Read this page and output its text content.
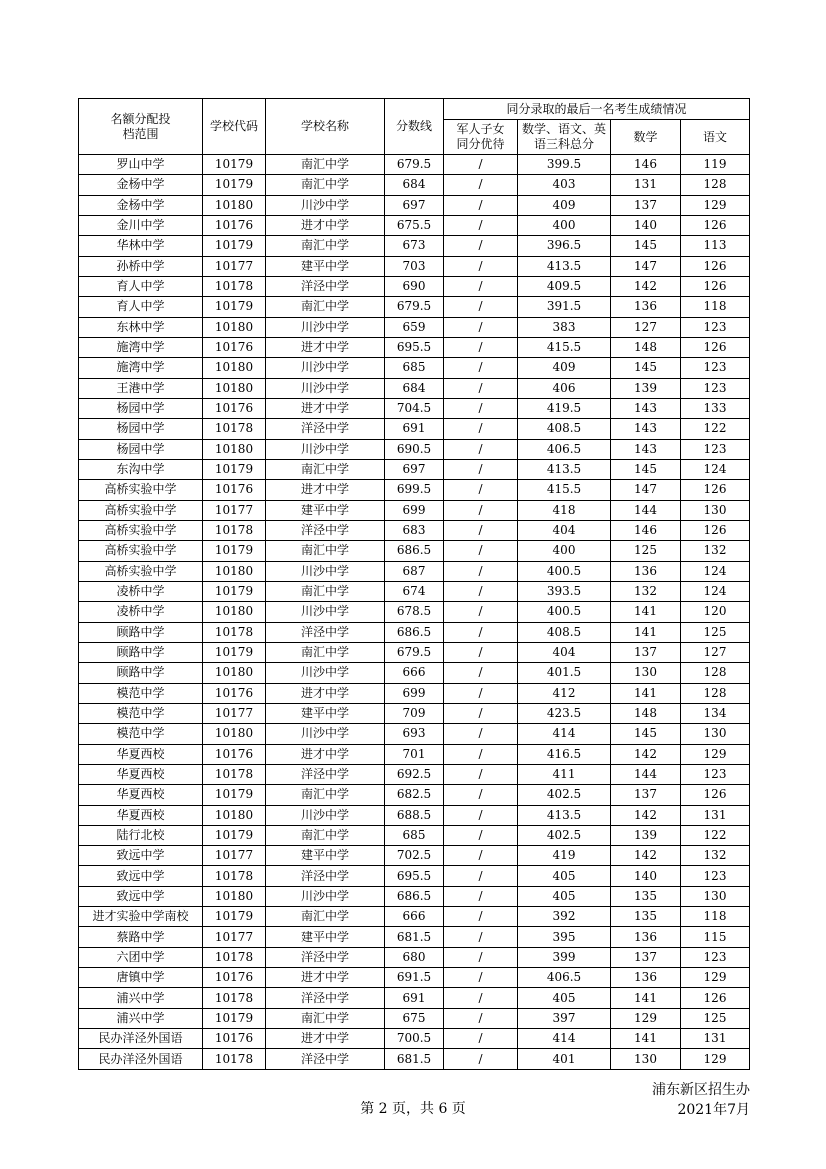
名额分配投档范围	学校代码	学校名称	分数线	同分录取的最后一名考生成绩情况			
				军人子女同分优待	数学、语文、英语三科总分	数学	语文
罗山中学	10179	南汇中学	679.5	/	399.5	146	119
金杨中学	10179	南汇中学	684	/	403	131	128
金杨中学	10180	川沙中学	697	/	409	137	129
金川中学	10176	进才中学	675.5	/	400	140	126
华林中学	10179	南汇中学	673	/	396.5	145	113
孙桥中学	10177	建平中学	703	/	413.5	147	126
育人中学	10178	洋泾中学	690	/	409.5	142	126
育人中学	10179	南汇中学	679.5	/	391.5	136	118
东林中学	10180	川沙中学	659	/	383	127	123
施湾中学	10176	进才中学	695.5	/	415.5	148	126
施湾中学	10180	川沙中学	685	/	409	145	123
王港中学	10180	川沙中学	684	/	406	139	123
杨园中学	10176	进才中学	704.5	/	419.5	143	133
杨园中学	10178	洋泾中学	691	/	408.5	143	122
杨园中学	10180	川沙中学	690.5	/	406.5	143	123
东沟中学	10179	南汇中学	697	/	413.5	145	124
高桥实验中学	10176	进才中学	699.5	/	415.5	147	126
高桥实验中学	10177	建平中学	699	/	418	144	130
高桥实验中学	10178	洋泾中学	683	/	404	146	126
高桥实验中学	10179	南汇中学	686.5	/	400	125	132
高桥实验中学	10180	川沙中学	687	/	400.5	136	124
凌桥中学	10179	南汇中学	674	/	393.5	132	124
凌桥中学	10180	川沙中学	678.5	/	400.5	141	120
顾路中学	10178	洋泾中学	686.5	/	408.5	141	125
顾路中学	10179	南汇中学	679.5	/	404	137	127
顾路中学	10180	川沙中学	666	/	401.5	130	128
模范中学	10176	进才中学	699	/	412	141	128
模范中学	10177	建平中学	709	/	423.5	148	134
模范中学	10180	川沙中学	693	/	414	145	130
华夏西校	10176	进才中学	701	/	416.5	142	129
华夏西校	10178	洋泾中学	692.5	/	411	144	123
华夏西校	10179	南汇中学	682.5	/	402.5	137	126
华夏西校	10180	川沙中学	688.5	/	413.5	142	131
陆行北校	10179	南汇中学	685	/	402.5	139	122
致远中学	10177	建平中学	702.5	/	419	142	132
致远中学	10178	洋泾中学	695.5	/	405	140	123
致远中学	10180	川沙中学	686.5	/	405	135	130
进才实验中学南校	10179	南汇中学	666	/	392	135	118
蔡路中学	10177	建平中学	681.5	/	395	136	115
六团中学	10178	洋泾中学	680	/	399	137	123
唐镇中学	10176	进才中学	691.5	/	406.5	136	129
浦兴中学	10178	洋泾中学	691	/	405	141	126
浦兴中学	10179	南汇中学	675	/	397	129	125
民办洋泾外国语	10176	进才中学	700.5	/	414	141	131
民办洋泾外国语	10178	洋泾中学	681.5	/	401	130	129
第 2 页，共 6 页
浦东新区招生办
2021年7月
